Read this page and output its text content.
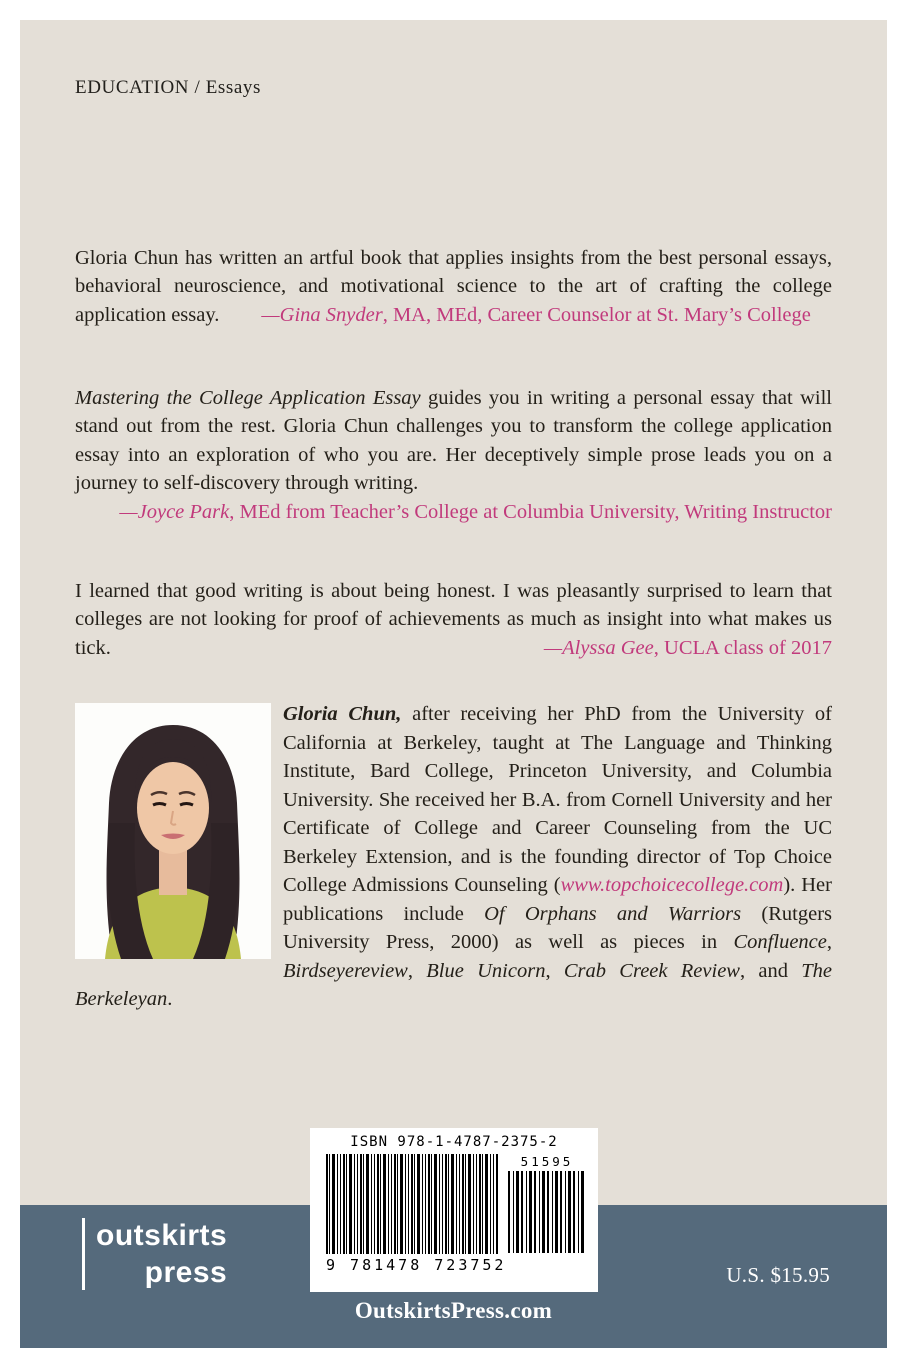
EDUCATION / Essays

Gloria Chun has written an artful book that applies insights from the best personal essays, behavioral neuroscience, and motivational science to the art of crafting the college application essay. —Gina Snyder, MA, MEd, Career Counselor at St. Mary’s College

Mastering the College Application Essay guides you in writing a personal essay that will stand out from the rest. Gloria Chun challenges you to transform the college application essay into an exploration of who you are. Her deceptively simple prose leads you on a journey to self-discovery through writing.

—Joyce Park, MEd from Teacher’s College at Columbia University, Writing Instructor

I learned that good writing is about being honest. I was pleasantly surprised to learn that colleges are not looking for proof of achievements as much as insight into what makes us tick.	—Alyssa Gee, UCLA class of 2017

Gloria Chun, after receiving her PhD from the University of California at Berkeley, taught at The Language and Thinking Institute, Bard College, Princeton University, and Columbia University. She received her B.A. from Cornell University and her Certificate of College and Career Counseling from the UC Berkeley Extension, and is the founding director of Top Choice College Admissions Counseling (www.topchoicecollege.com). Her publications include Of Orphans and Warriors (Rutgers University Press, 2000) as well as pieces in Confluence, Birdseyereview, Blue Unicorn, Crab Creek Review, and The Berkeleyan.
ISBN 978-1-4787-2375-2
51595
9 781478 723752
outskirts
press	U.S. $15.95
OutskirtsPress.com
